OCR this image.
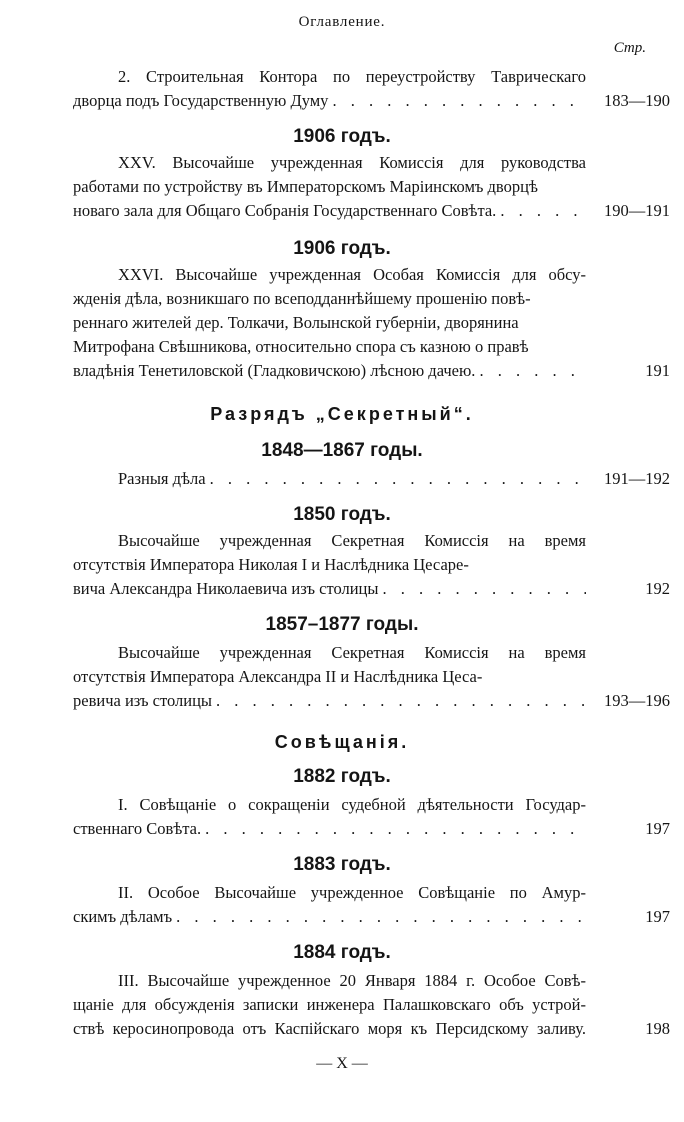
Оглавление.
Стр.
2. Строительная Контора по переустройству Таврическаго
дворца подъ Государственную Думу . . .	183—190
1906 годъ.
XXV. Высочайше учрежденная Комиссія для руководства
работами по устройству въ Императорскомъ Маріинскомъ дворцѣ
новаго зала для Общаго Собранія Государственнаго Совѣта. . . .	190—191
1906 годъ.
XXVI. Высочайше учрежденная Особая Комиссія для обсу-
жденія дѣла, возникшаго по всеподданнѣйшему прошенію повѣ-
реннаго жителей дер. Толкачи, Волынской губерніи, дворянина
Митрофана Свѣшникова, относительно спора съ казною о правѣ
владѣнія Тенетиловской (Гладковичскою) лѣсною дачею. . . .	191
Разрядъ „Секретный“.
1848—1867 годы.
Разныя дѣла . . .	191—192
1850 годъ.
Высочайше учрежденная Секретная Комиссія на время
отсутствія Императора Николая I и Наслѣдника Цесаре-
вича Александра Николаевича изъ столицы . . .	192
1857–1877 годы.
Высочайше учрежденная Секретная Комиссія на время
отсутствія Императора Александра II и Наслѣдника Цеса-
ревича изъ столицы . . .	193—196
Совѣщанія.
1882 годъ.
I. Совѣщаніе о сокращеніи судебной дѣятельности Государ-
ственнаго Совѣта. . . .	197
1883 годъ.
II. Особое Высочайше учрежденное Совѣщаніе по Амур-
скимъ дѣламъ . . .	197
1884 годъ.
III. Высочайше учрежденное 20 Января 1884 г. Особое Совѣ-
щаніе для обсужденія записки инженера Палашковскаго объ устрой-
ствѣ керосинопровода отъ Каспійскаго моря къ Персидскому заливу.	198
— X —
